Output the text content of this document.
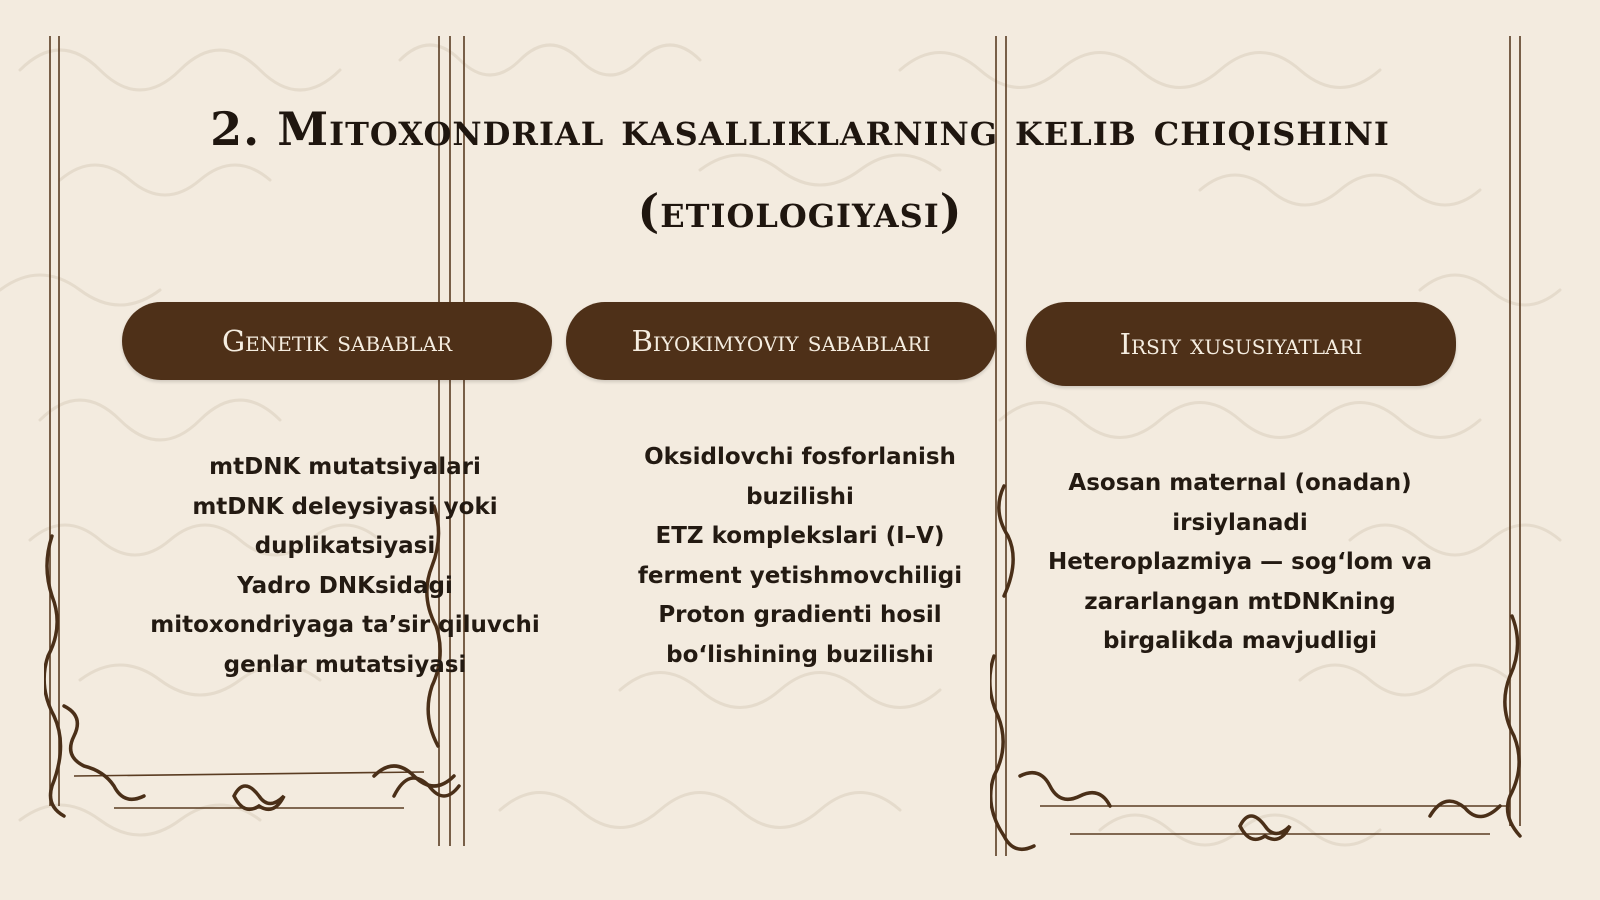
2. Mitoxondrial kasalliklarning kelib chiqishini
(etiologiyasi)
Genetik sabablar	Biyokimyoviy sabablari	Irsiy xususiyatlari
mtDNK mutatsiyalari
mtDNK deleysiyasi yoki
duplikatsiyasi
Yadro DNKsidagi
mitoxondriyaga ta’sir qiluvchi
genlar mutatsiyasi
Oksidlovchi fosforlanish
buzilishi
ETZ komplekslari (I–V)
ferment yetishmovchiligi
Proton gradienti hosil
bo‘lishining buzilishi
Asosan maternal (onadan)
irsiylanadi
Heteroplazmiya — sog‘lom va
zararlangan mtDNKning
birgalikda mavjudligi
